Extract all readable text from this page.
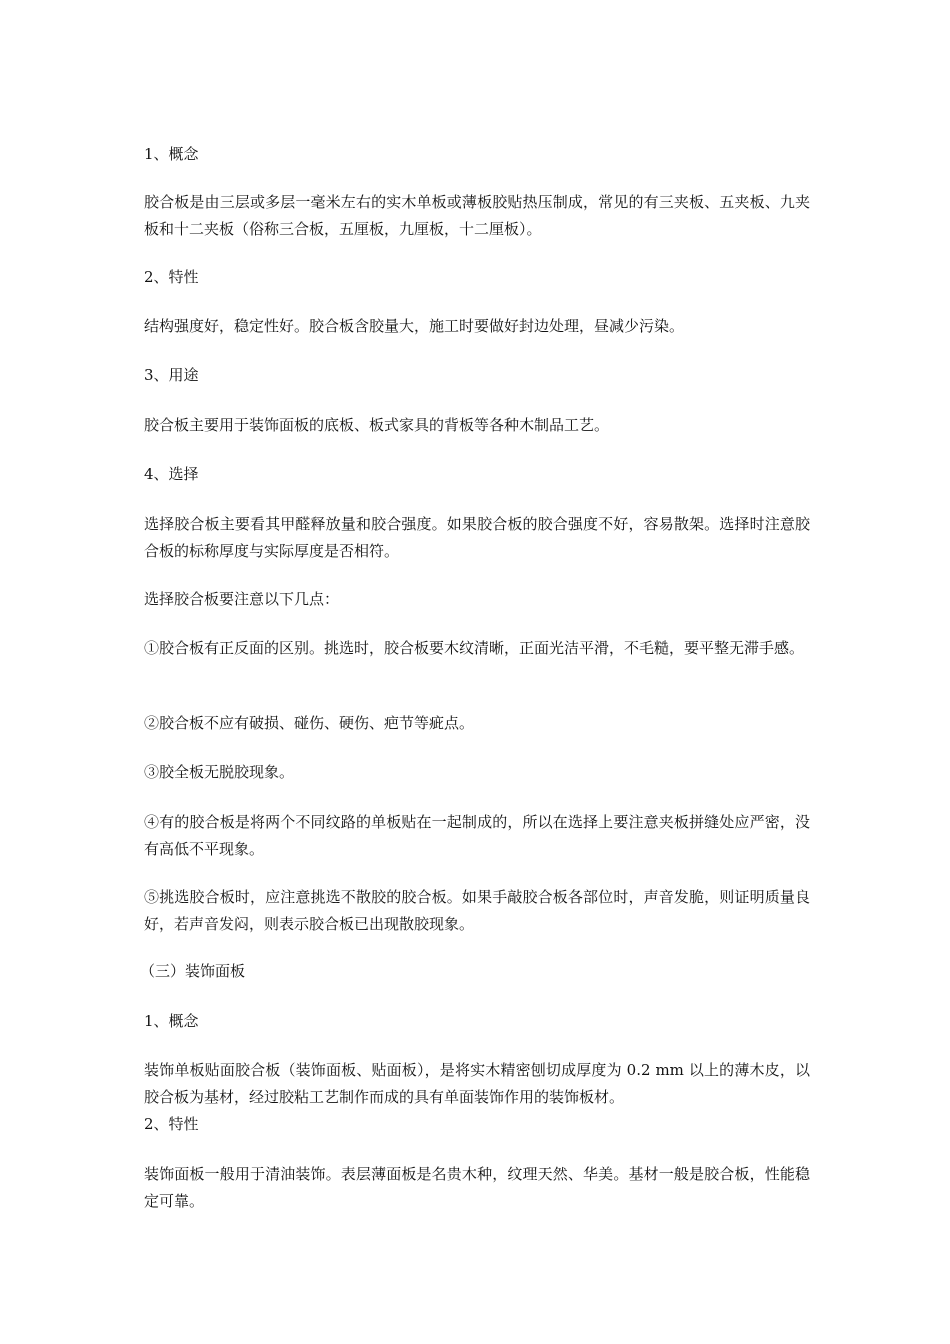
1、概念

胶合板是由三层或多层一毫米左右的实木单板或薄板胶贴热压制成，常见的有三夹板、五夹板、九夹板和十二夹板（俗称三合板，五厘板，九厘板，十二厘板）。

2、特性

结构强度好，稳定性好。胶合板含胶量大，施工时要做好封边处理，昼减少污染。

3、用途

胶合板主要用于装饰面板的底板、板式家具的背板等各种木制品工艺。

4、选择

选择胶合板主要看其甲醛释放量和胶合强度。如果胶合板的胶合强度不好，容易散架。选择时注意胶合板的标称厚度与实际厚度是否相符。

选择胶合板要注意以下几点：

①胶合板有正反面的区别。挑选时，胶合板要木纹清晰，正面光洁平滑，不毛糙，要平整无滞手感。

②胶合板不应有破损、碰伤、硬伤、疤节等疵点。

③胶全板无脱胶现象。

④有的胶合板是将两个不同纹路的单板贴在一起制成的，所以在选择上要注意夹板拼缝处应严密，没有高低不平现象。

⑤挑选胶合板时，应注意挑选不散胶的胶合板。如果手敲胶合板各部位时，声音发脆，则证明质量良好，若声音发闷，则表示胶合板已出现散胶现象。

（三）装饰面板

1、概念

装饰单板贴面胶合板（装饰面板、贴面板），是将实木精密刨切成厚度为 0.2 mm 以上的薄木皮，以胶合板为基材，经过胶粘工艺制作而成的具有单面装饰作用的装饰板材。

2、特性

装饰面板一般用于清油装饰。表层薄面板是名贵木种，纹理天然、华美。基材一般是胶合板，性能稳定可靠。
